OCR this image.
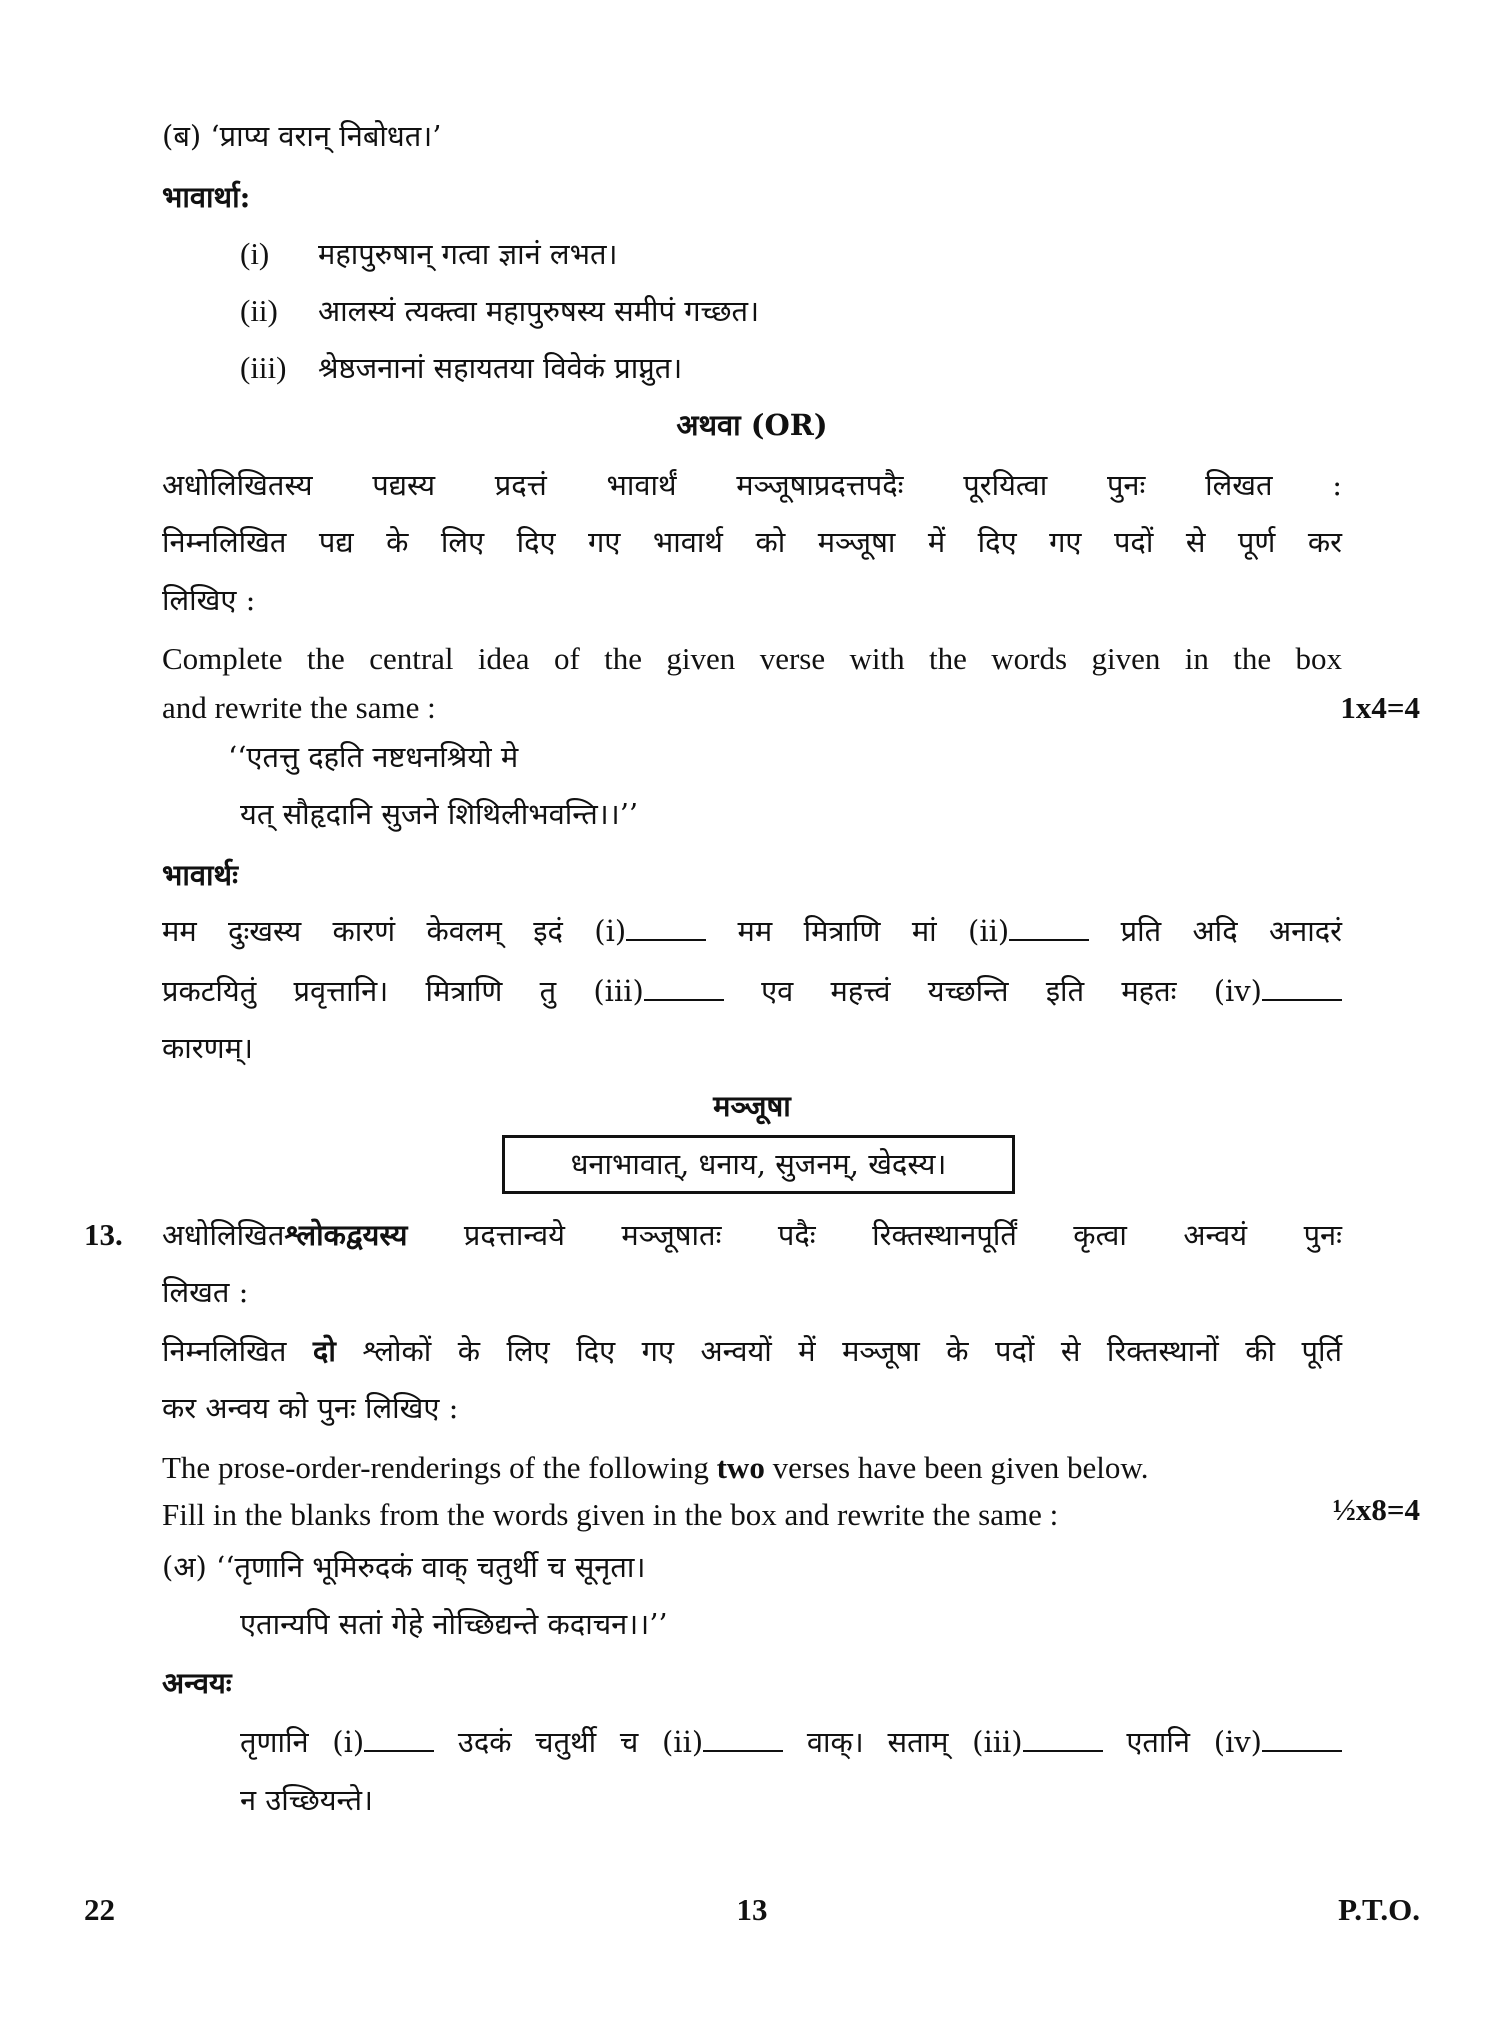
(ब) ‘प्राप्य वरान् निबोधत।’
भावार्था:
(i) महापुरुषान् गत्वा ज्ञानं लभत।
(ii) आलस्यं त्यक्त्वा महापुरुषस्य समीपं गच्छत।
(iii) श्रेष्ठजनानां सहायतया विवेकं प्राप्नुत।
अथवा (OR)
अधोलिखितस्य पद्यस्य प्रदत्तं भावार्थं मञ्जूषाप्रदत्तपदैः पूरयित्वा पुनः लिखत :
निम्नलिखित पद्य के लिए दिए गए भावार्थ को मञ्जूषा में दिए गए पदों से पूर्ण कर
लिखिए :
Complete the central idea of the given verse with the words given in the box
and rewrite the same :	1x4=4
‘‘एतत्तु दहति नष्टधनश्रियो मे
यत् सौहृदानि सुजने शिथिलीभवन्ति।।’’
भावार्थः
मम दुःखस्य कारणं केवलम् इदं (i)	मम मित्राणि मां (ii)	प्रति अदि अनादरं
प्रकटयितुं प्रवृत्तानि। मित्राणि तु (iii)	एव महत्त्वं यच्छन्ति इति महतः (iv)
कारणम्।
मञ्जूषा
धनाभावात्, धनाय, सुजनम्, खेदस्य।
13. अधोलिखितश्लोकद्वयस्य प्रदत्तान्वये मञ्जूषातः पदैः रिक्तस्थानपूर्तिं कृत्वा अन्वयं पुनः
लिखत :
निम्नलिखित दो श्लोकों के लिए दिए गए अन्वयों में मञ्जूषा के पदों से रिक्तस्थानों की पूर्ति
कर अन्वय को पुनः लिखिए :
The prose-order-renderings of the following two verses have been given below.
Fill in the blanks from the words given in the box and rewrite the same :	½x8=4
(अ) ‘‘तृणानि भूमिरुदकं वाक् चतुर्थी च सूनृता।
एतान्यपि सतां गेहे नोच्छिद्यन्ते कदाचन।।’’
अन्वयः
तृणानि (i)	उदकं चतुर्थी च (ii)	वाक्। सताम् (iii)	एतानि (iv)
न उच्छियन्ते।
22	13	P.T.O.
